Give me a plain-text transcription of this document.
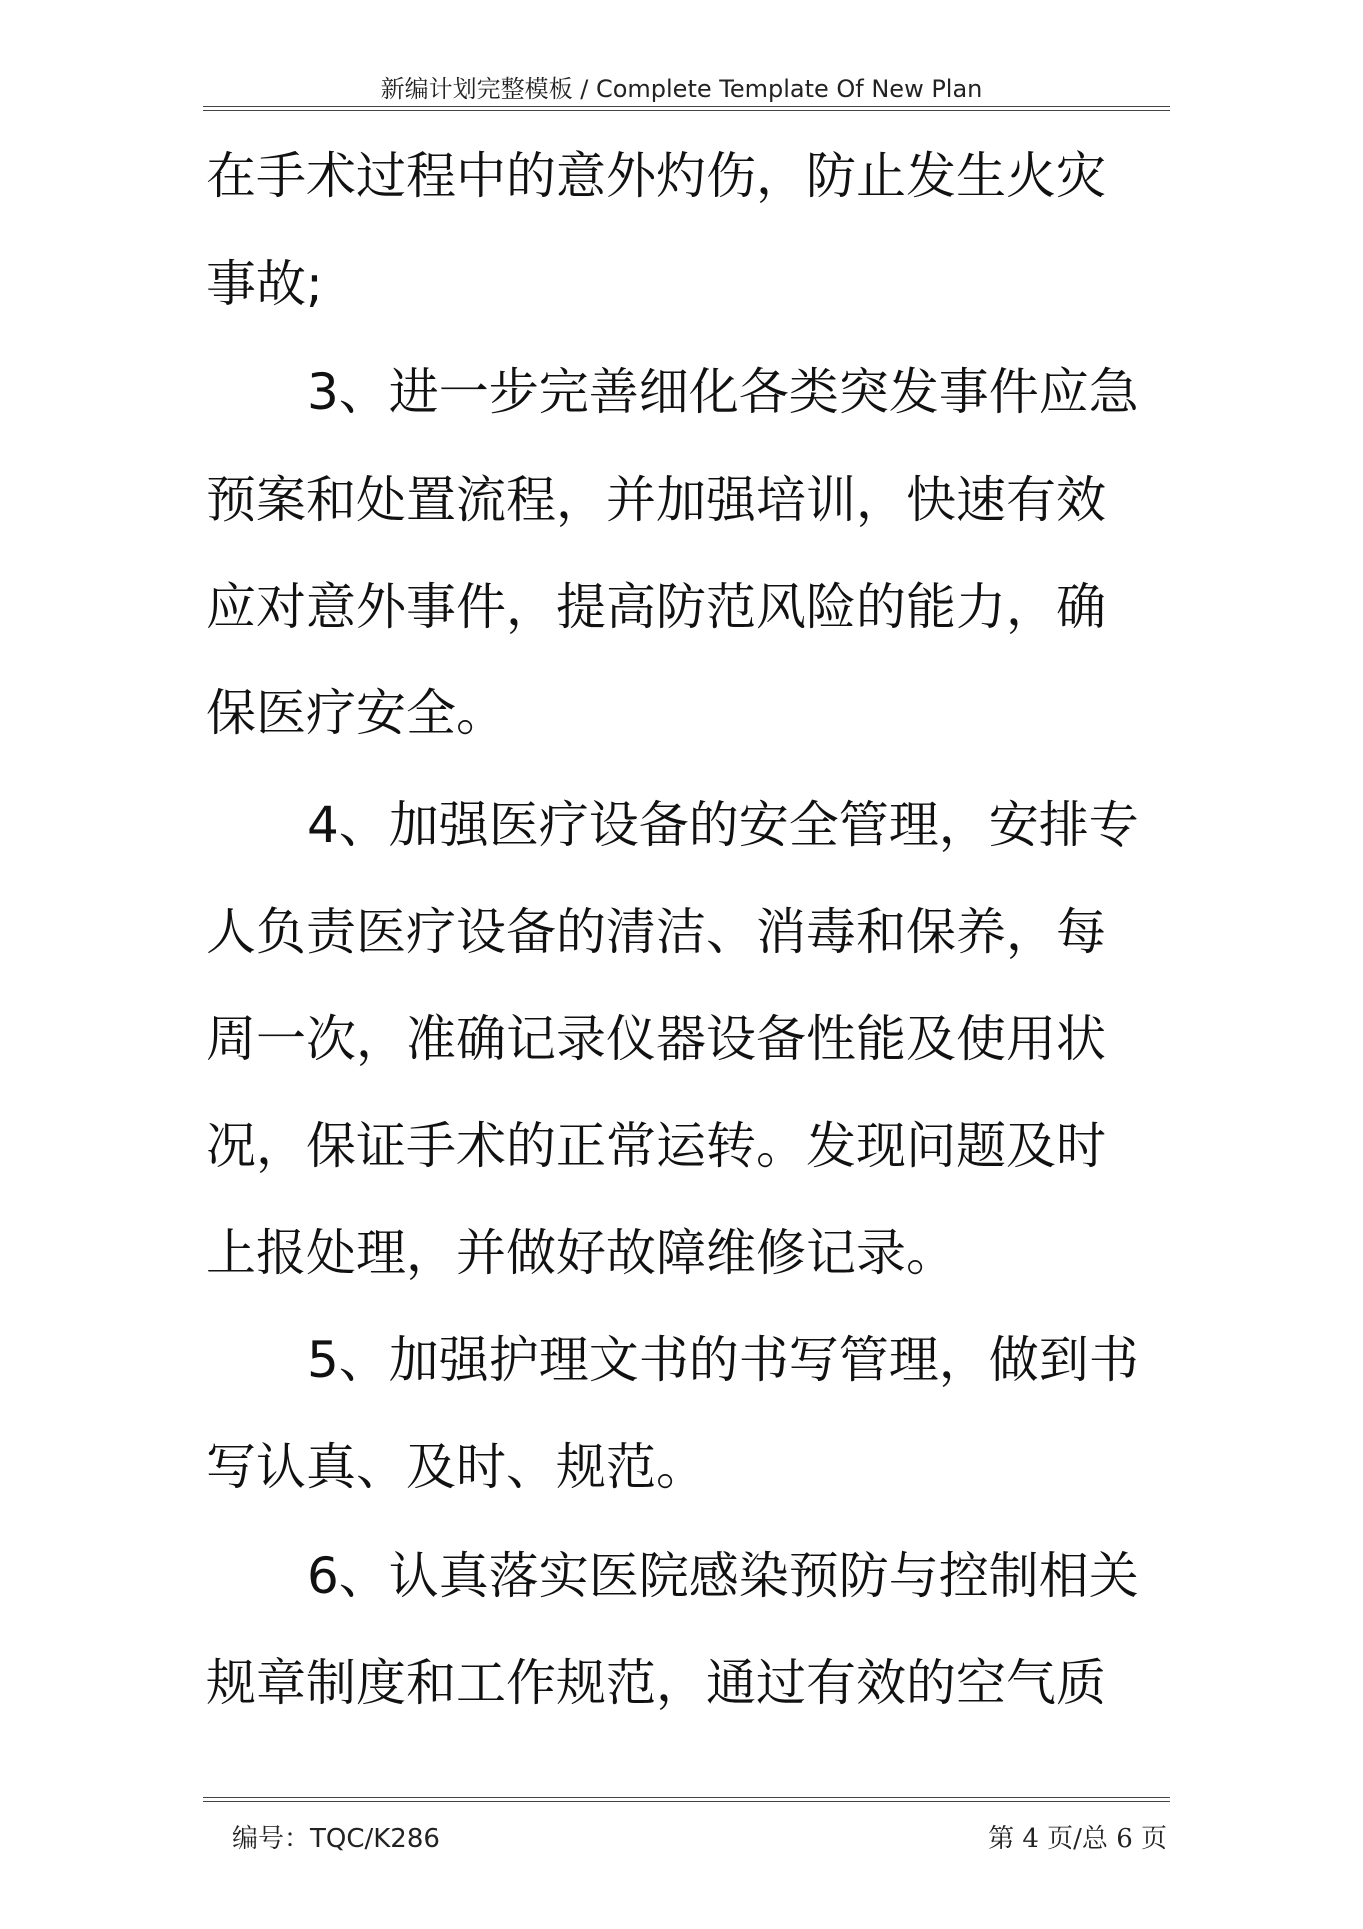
新编计划完整模板 / Complete Template Of New Plan
在手术过程中的意外灼伤，防止发生火灾
事故;
3、进一步完善细化各类突发事件应急
预案和处置流程，并加强培训，快速有效
应对意外事件，提高防范风险的能力，确
保医疗安全。
4、加强医疗设备的安全管理，安排专
人负责医疗设备的清洁、消毒和保养，每
周一次，准确记录仪器设备性能及使用状
况，保证手术的正常运转。发现问题及时
上报处理，并做好故障维修记录。
5、加强护理文书的书写管理，做到书
写认真、及时、规范。
6、认真落实医院感染预防与控制相关
规章制度和工作规范，通过有效的空气质
编号：TQC/K286	第 4 页/总 6 页
